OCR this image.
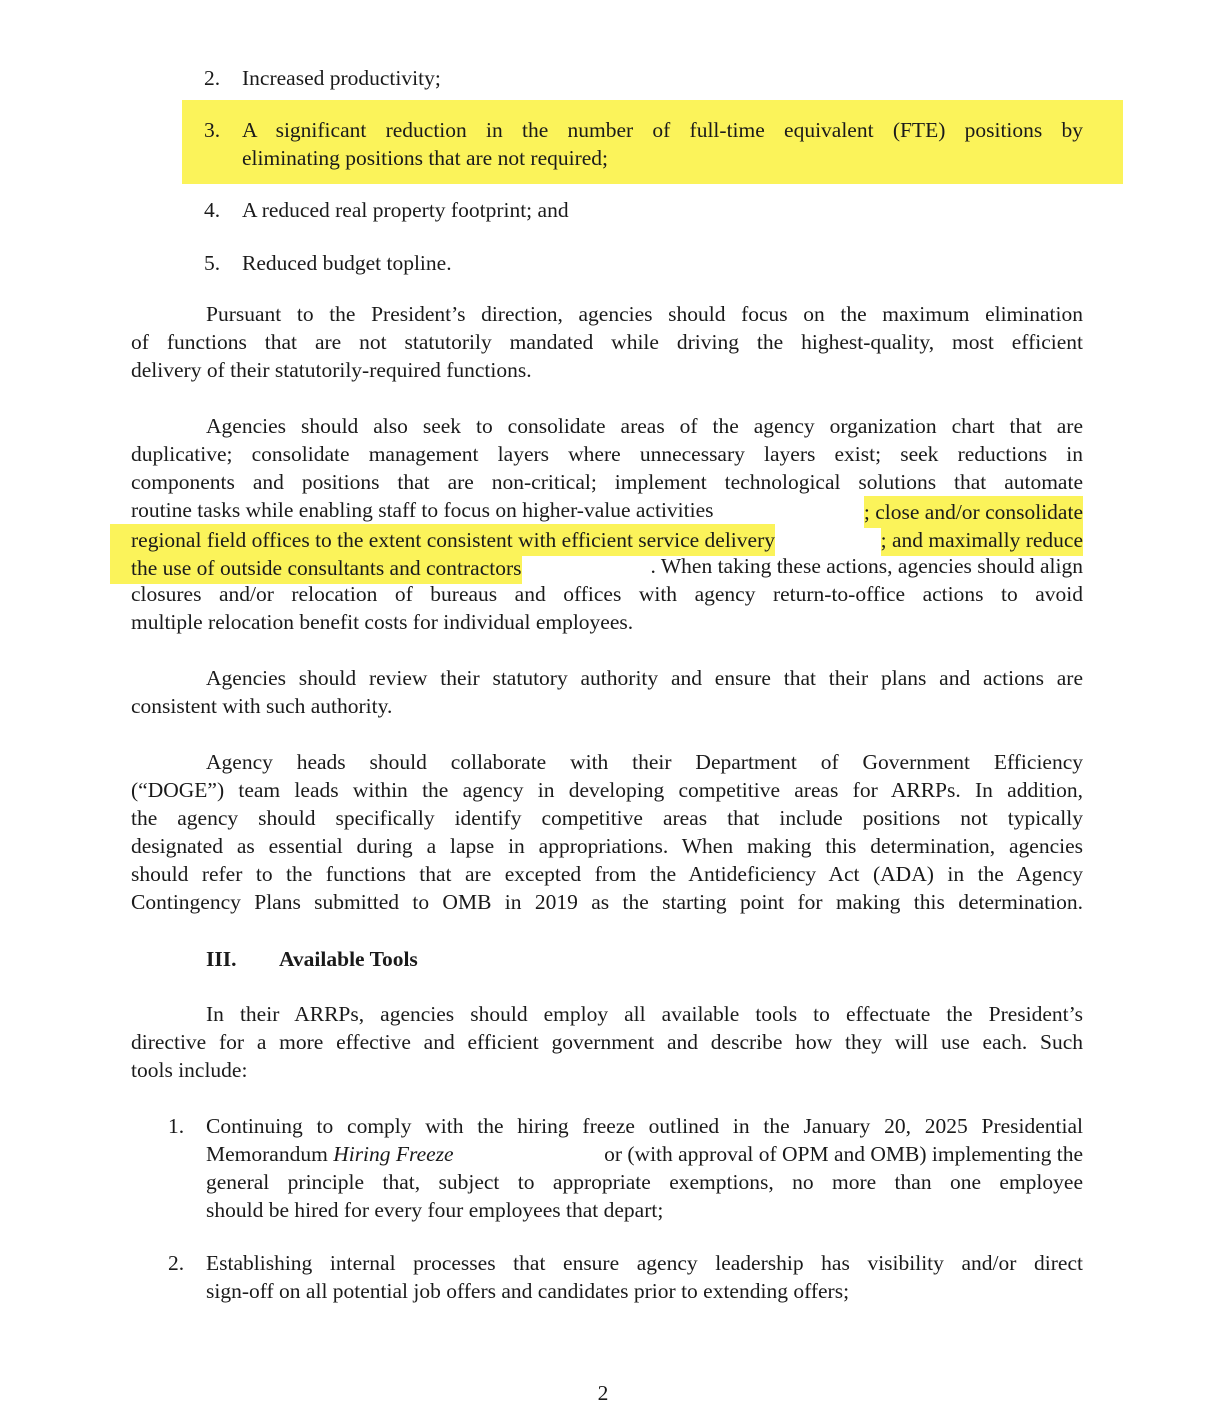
2. Increased productivity;
3. A significant reduction in the number of full-time equivalent (FTE) positions by
eliminating positions that are not required;
4. A reduced real property footprint; and
5. Reduced budget topline.
Pursuant to the President’s direction, agencies should focus on the maximum elimination
of functions that are not statutorily mandated while driving the highest-quality, most efficient
delivery of their statutorily-required functions.
Agencies should also seek to consolidate areas of the agency organization chart that are
duplicative; consolidate management layers where unnecessary layers exist; seek reductions in
components and positions that are non-critical; implement technological solutions that automate
routine tasks while enabling staff to focus on higher-value activities	; close and/or consolidate
regional field offices to the extent consistent with efficient service delivery	; and maximally reduce
the use of outside consultants and contractors	. When taking these actions, agencies should align
closures and/or relocation of bureaus and offices with agency return-to-office actions to avoid
multiple relocation benefit costs for individual employees.
Agencies should review their statutory authority and ensure that their plans and actions are
consistent with such authority.
Agency heads should collaborate with their Department of Government Efficiency
(“DOGE”) team leads within the agency in developing competitive areas for ARRPs. In addition,
the agency should specifically identify competitive areas that include positions not typically
designated as essential during a lapse in appropriations. When making this determination, agencies
should refer to the functions that are excepted from the Antideficiency Act (ADA) in the Agency
Contingency Plans submitted to OMB in 2019 as the starting point for making this determination.
III. Available Tools
In their ARRPs, agencies should employ all available tools to effectuate the President’s
directive for a more effective and efficient government and describe how they will use each. Such
tools include:
1. Continuing to comply with the hiring freeze outlined in the January 20, 2025 Presidential
Memorandum Hiring Freeze	or (with approval of OPM and OMB) implementing the
general principle that, subject to appropriate exemptions, no more than one employee
should be hired for every four employees that depart;
2. Establishing internal processes that ensure agency leadership has visibility and/or direct
sign-off on all potential job offers and candidates prior to extending offers;
2
